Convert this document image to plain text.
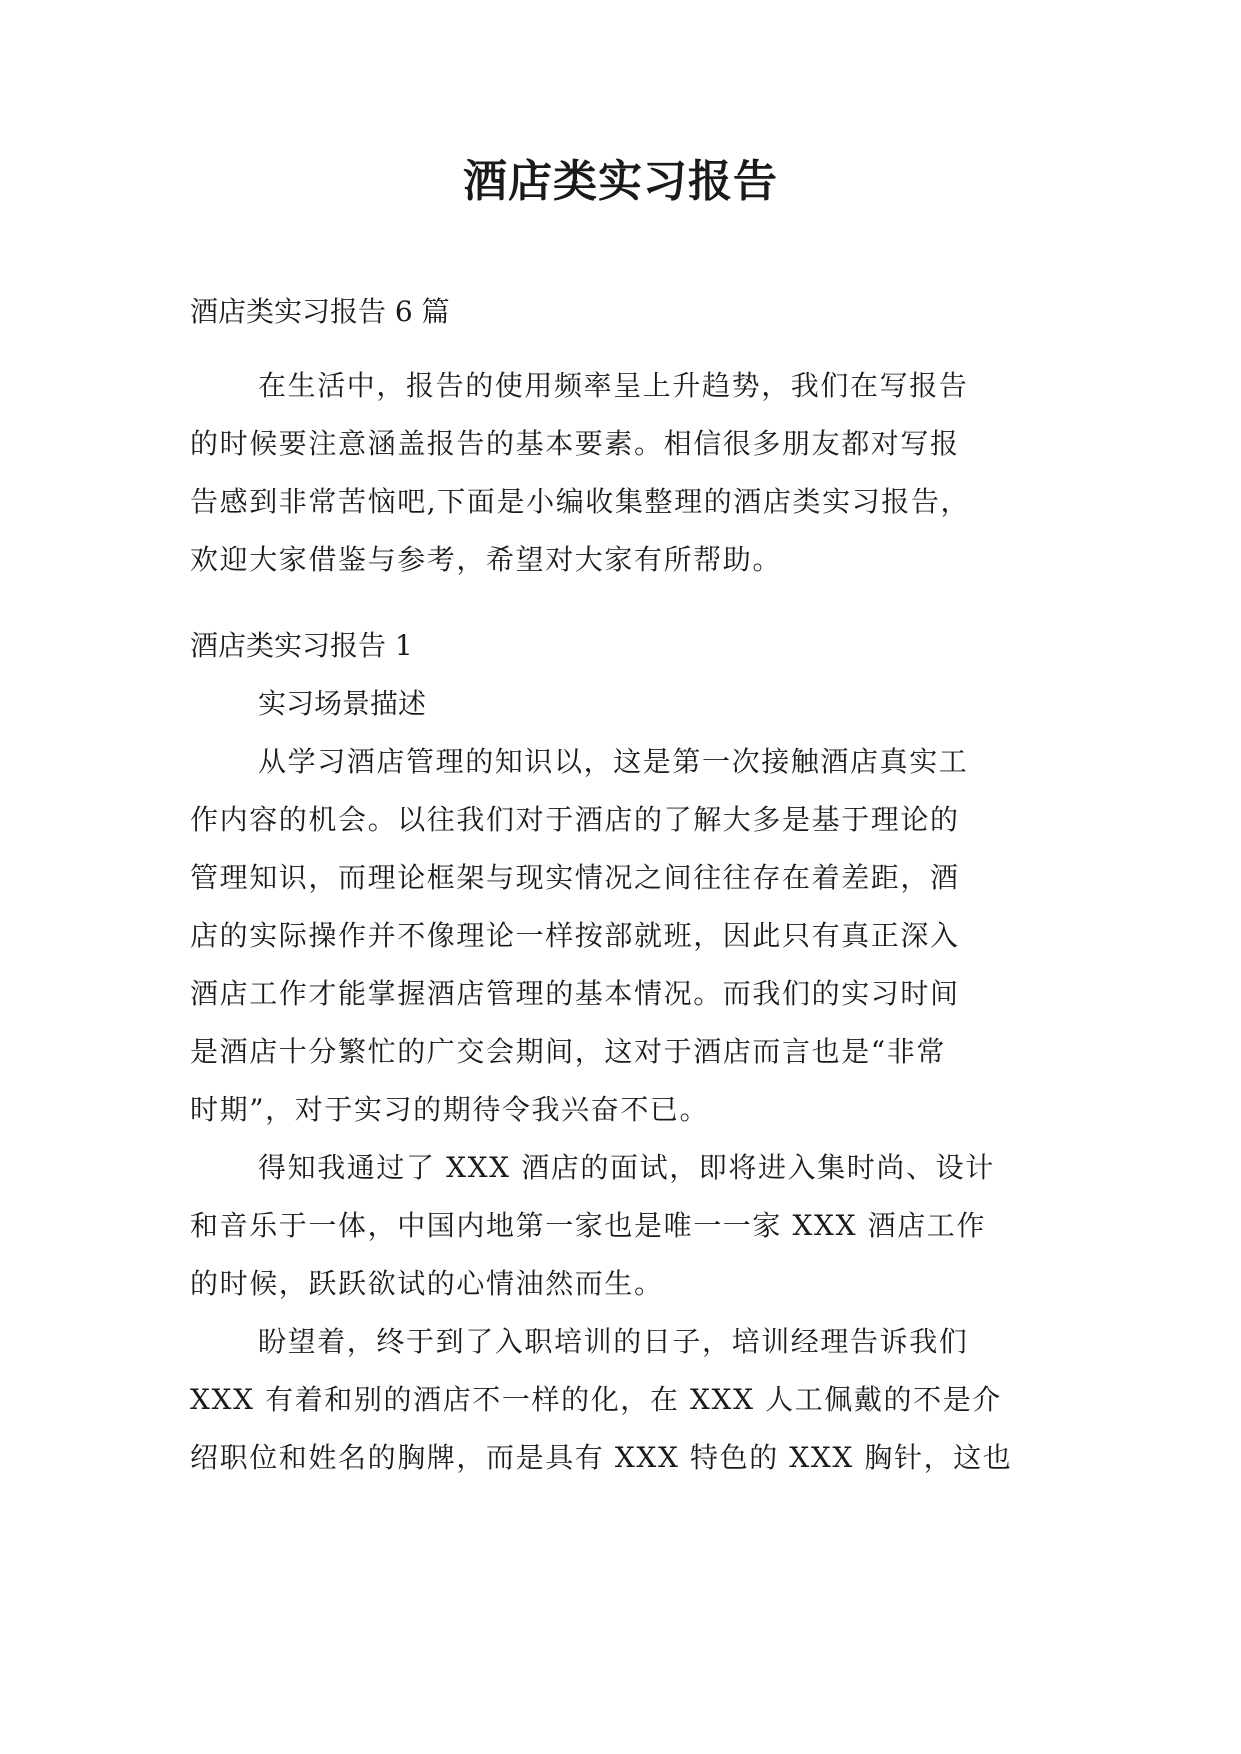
酒店类实习报告
酒店类实习报告 6 篇
在生活中，报告的使用频率呈上升趋势，我们在写报告
的时候要注意涵盖报告的基本要素。相信很多朋友都对写报
告感到非常苦恼吧,下面是小编收集整理的酒店类实习报告，
欢迎大家借鉴与参考，希望对大家有所帮助。
酒店类实习报告 1
实习场景描述
从学习酒店管理的知识以，这是第一次接触酒店真实工
作内容的机会。以往我们对于酒店的了解大多是基于理论的
管理知识，而理论框架与现实情况之间往往存在着差距，酒
店的实际操作并不像理论一样按部就班，因此只有真正深入
酒店工作才能掌握酒店管理的基本情况。而我们的实习时间
是酒店十分繁忙的广交会期间，这对于酒店而言也是“非常
时期”，对于实习的期待令我兴奋不已。
得知我通过了 XXX 酒店的面试，即将进入集时尚、设计
和音乐于一体，中国内地第一家也是唯一一家 XXX 酒店工作
的时候，跃跃欲试的心情油然而生。
盼望着，终于到了入职培训的日子，培训经理告诉我们
XXX 有着和别的酒店不一样的化，在 XXX 人工佩戴的不是介
绍职位和姓名的胸牌，而是具有 XXX 特色的 XXX 胸针，这也
